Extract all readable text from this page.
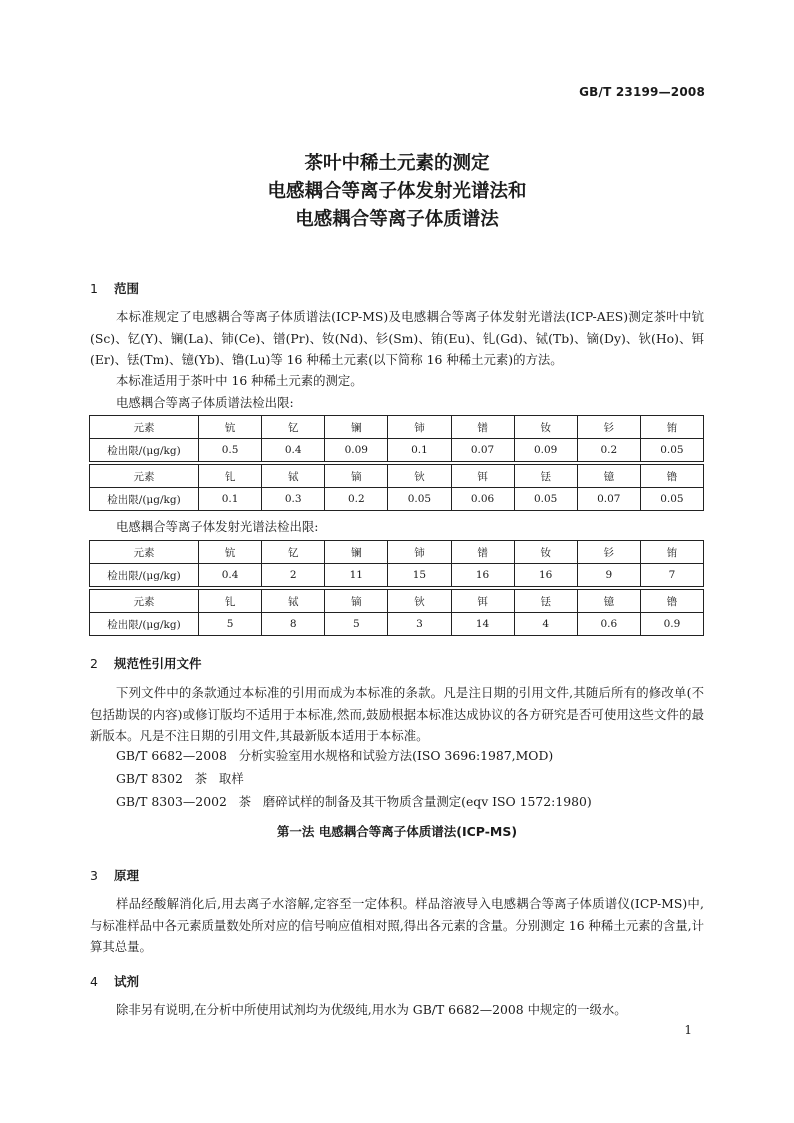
GB/T 23199—2008
茶叶中稀土元素的测定
电感耦合等离子体发射光谱法和
电感耦合等离子体质谱法
1 范围
本标准规定了电感耦合等离子体质谱法(ICP-MS)及电感耦合等离子体发射光谱法(ICP-AES)测定茶叶中钪(Sc)、钇(Y)、镧(La)、铈(Ce)、镨(Pr)、钕(Nd)、钐(Sm)、铕(Eu)、钆(Gd)、铽(Tb)、镝(Dy)、钬(Ho)、铒(Er)、铥(Tm)、镱(Yb)、镥(Lu)等 16 种稀土元素(以下简称 16 种稀土元素)的方法。
本标准适用于茶叶中 16 种稀土元素的测定。
电感耦合等离子体质谱法检出限:
元素	钪	钇	镧	铈	镨	钕	钐	铕
检出限/(μg/kg)	0.5	0.4	0.09	0.1	0.07	0.09	0.2	0.05

元素	钆	铽	镝	钬	铒	铥	镱	镥
检出限/(μg/kg)	0.1	0.3	0.2	0.05	0.06	0.05	0.07	0.05
电感耦合等离子体发射光谱法检出限:
元素	钪	钇	镧	铈	镨	钕	钐	铕
检出限/(μg/kg)	0.4	2	11	15	16	16	9	7

元素	钆	铽	镝	钬	铒	铥	镱	镥
检出限/(μg/kg)	5	8	5	3	14	4	0.6	0.9
2 规范性引用文件
下列文件中的条款通过本标准的引用而成为本标准的条款。凡是注日期的引用文件,其随后所有的修改单(不包括勘误的内容)或修订版均不适用于本标准,然而,鼓励根据本标准达成协议的各方研究是否可使用这些文件的最新版本。凡是不注日期的引用文件,其最新版本适用于本标准。
GB/T 6682—2008   分析实验室用水规格和试验方法(ISO 3696:1987,MOD)
GB/T 8302   茶   取样
GB/T 8303—2002   茶   磨碎试样的制备及其干物质含量测定(eqv ISO 1572:1980)
第一法 电感耦合等离子体质谱法(ICP-MS)
3 原理
样品经酸解消化后,用去离子水溶解,定容至一定体积。样品溶液导入电感耦合等离子体质谱仪(ICP-MS)中,与标准样品中各元素质量数处所对应的信号响应值相对照,得出各元素的含量。分别测定 16 种稀土元素的含量,计算其总量。
4 试剂
除非另有说明,在分析中所使用试剂均为优级纯,用水为 GB/T 6682—2008 中规定的一级水。
1
